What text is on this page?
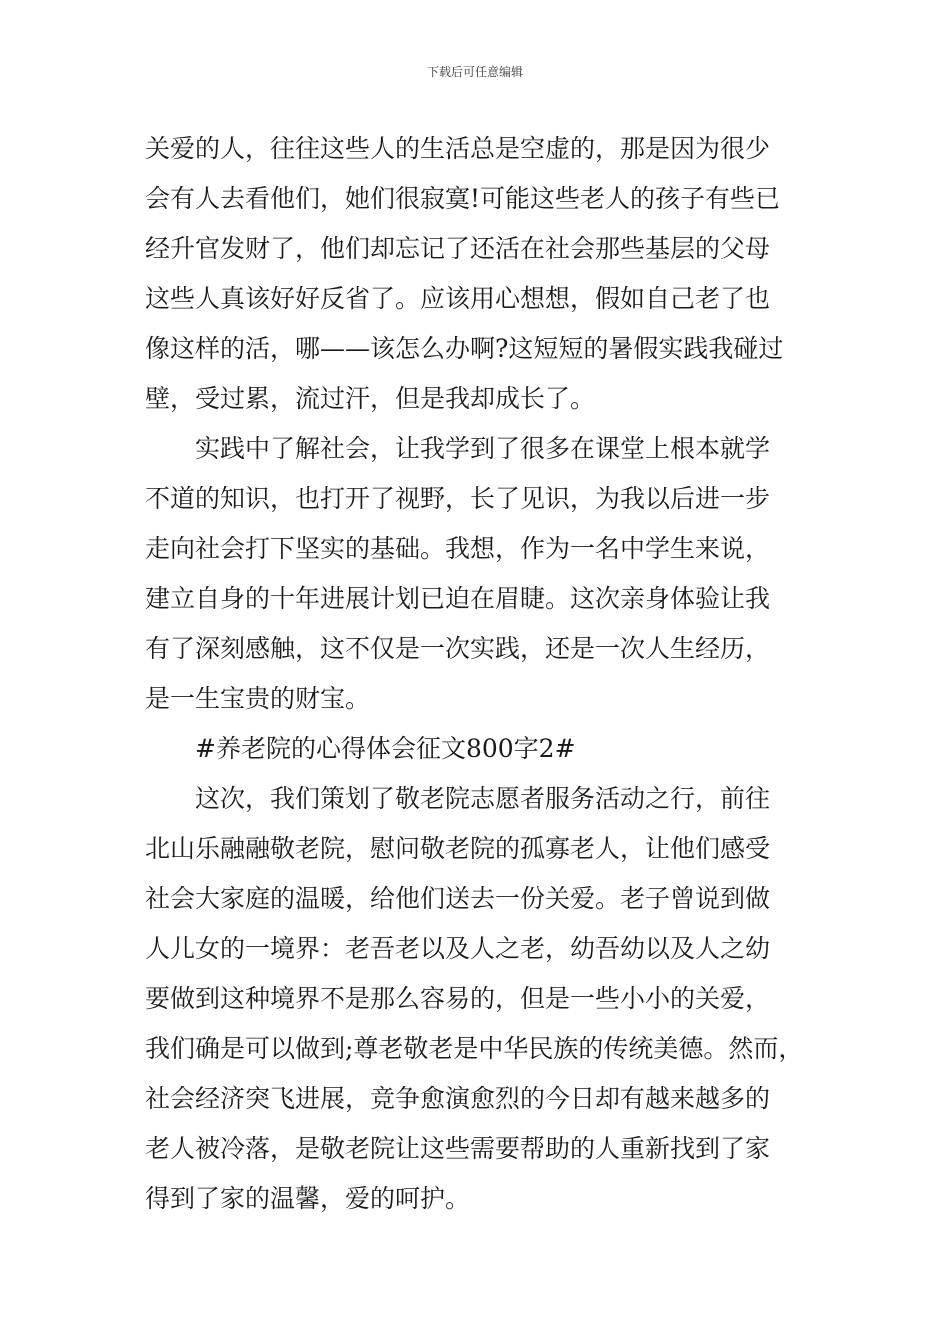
下载后可任意编辑
关爱的人，往往这些人的生活总是空虚的，那是因为很少
会有人去看他们，她们很寂寞!可能这些老人的孩子有些已
经升官发财了，他们却忘记了还活在社会那些基层的父母
这些人真该好好反省了。应该用心想想，假如自己老了也
像这样的活，哪——该怎么办啊?这短短的暑假实践我碰过
壁，受过累，流过汗，但是我却成长了。
实践中了解社会，让我学到了很多在课堂上根本就学
不道的知识，也打开了视野，长了见识，为我以后进一步
走向社会打下坚实的基础。我想，作为一名中学生来说，
建立自身的十年进展计划已迫在眉睫。这次亲身体验让我
有了深刻感触，这不仅是一次实践，还是一次人生经历，
是一生宝贵的财宝。
#养老院的心得体会征文800字2#
这次，我们策划了敬老院志愿者服务活动之行，前往
北山乐融融敬老院，慰问敬老院的孤寡老人，让他们感受
社会大家庭的温暖，给他们送去一份关爱。老子曾说到做
人儿女的一境界：老吾老以及人之老，幼吾幼以及人之幼
要做到这种境界不是那么容易的，但是一些小小的关爱，
我们确是可以做到;尊老敬老是中华民族的传统美德。然而，
社会经济突飞进展，竞争愈演愈烈的今日却有越来越多的
老人被冷落，是敬老院让这些需要帮助的人重新找到了家
得到了家的温馨，爱的呵护。
